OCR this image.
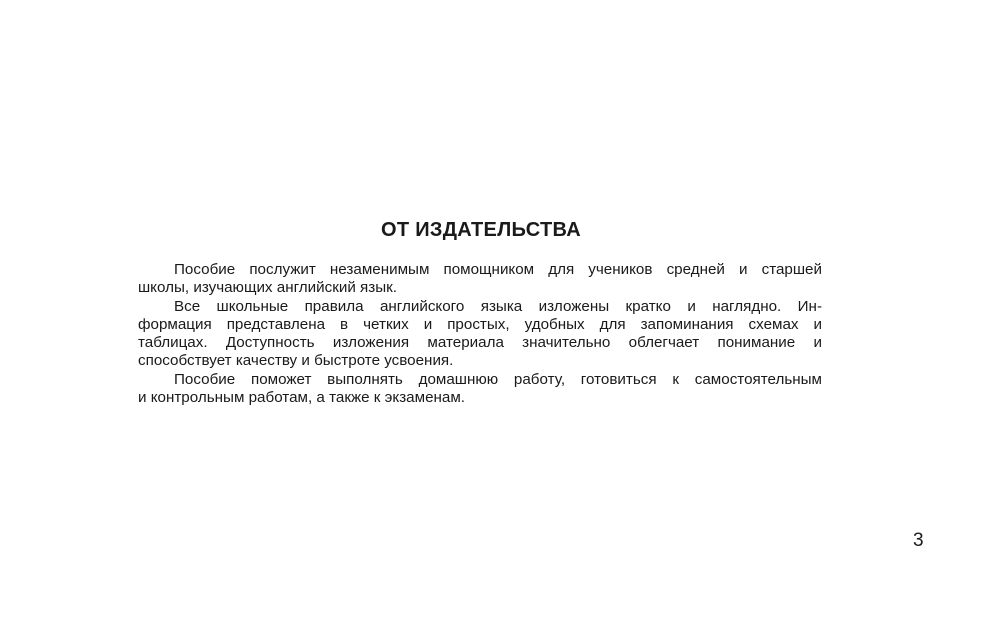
ОТ ИЗДАТЕЛЬСТВА

Пособие послужит незаменимым помощником для учеников средней и старшей
школы, изучающих английский язык.

Все школьные правила английского языка изложены кратко и наглядно. Ин-
формация представлена в четких и простых, удобных для запоминания схемах и
таблицах. Доступность изложения материала значительно облегчает понимание и
способствует качеству и быстроте усвоения.

Пособие поможет выполнять домашнюю работу, готовиться к самостоятельным
и контрольным работам, а также к экзаменам.

3
